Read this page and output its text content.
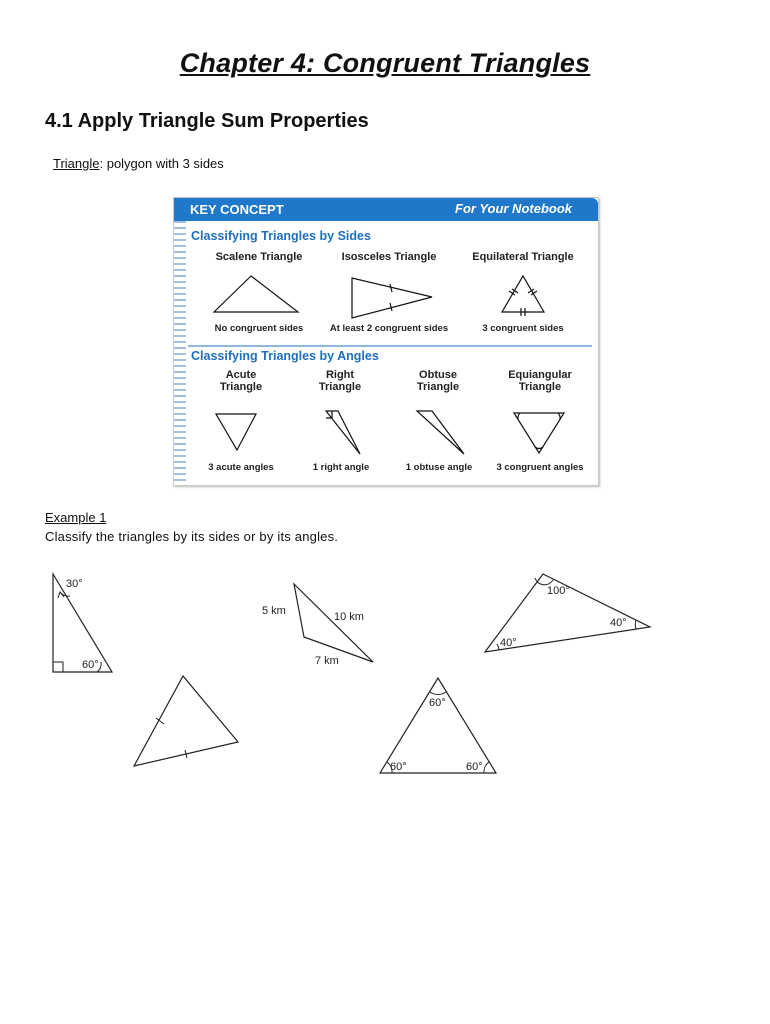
Chapter 4: Congruent Triangles
4.1 Apply Triangle Sum Properties
Triangle: polygon with 3 sides
KEY CONCEPT	For Your Notebook
Classifying Triangles by Sides
Scalene Triangle	Isosceles Triangle	Equilateral Triangle
No congruent sides	At least 2 congruent sides	3 congruent sides
Classifying Triangles by Angles
Acute
Triangle
Right
Triangle
Obtuse
Triangle
Equiangular
Triangle
3 acute angles	1 right angle	1 obtuse angle	3 congruent angles
Example 1
Classify the triangles by its sides or by its angles.
30°
60°
5 km	10 km
7 km
100°
40°
40°
60°
60°	60°
